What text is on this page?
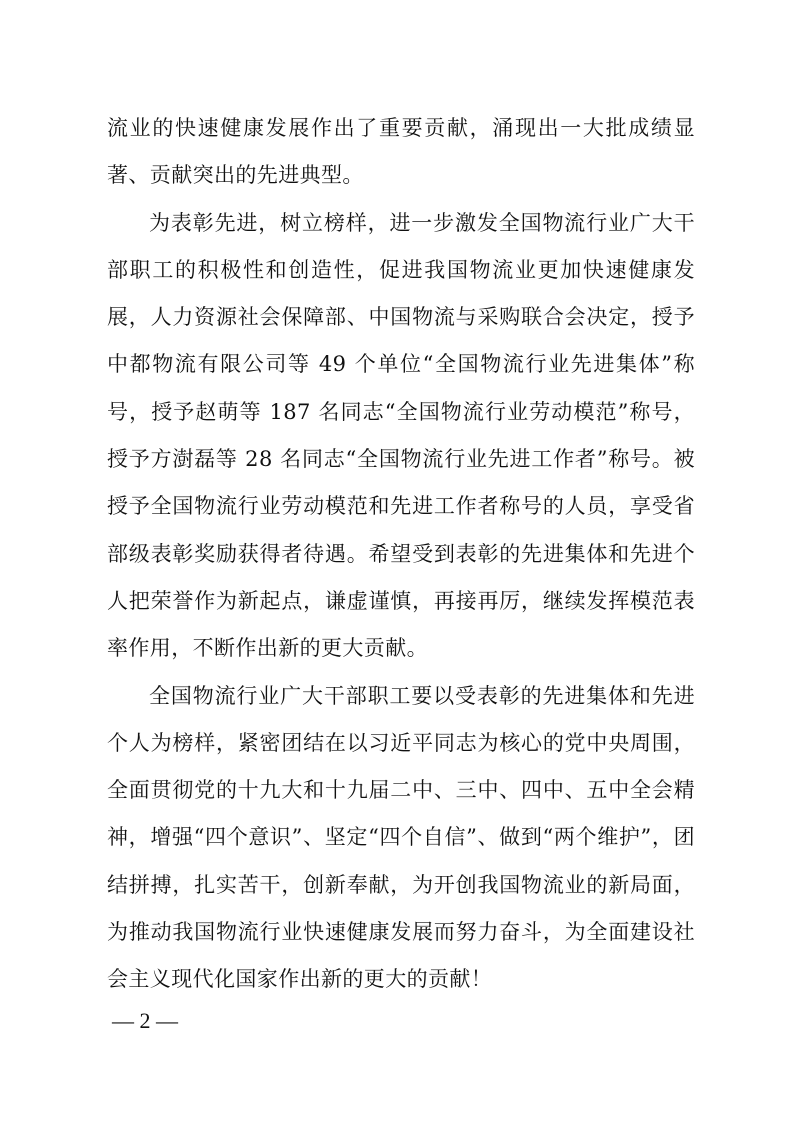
流业的快速健康发展作出了重要贡献，涌现出一大批成绩显著、贡献突出的先进典型。

为表彰先进，树立榜样，进一步激发全国物流行业广大干部职工的积极性和创造性，促进我国物流业更加快速健康发展，人力资源社会保障部、中国物流与采购联合会决定，授予中都物流有限公司等 49 个单位“全国物流行业先进集体”称号，授予赵萌等 187 名同志“全国物流行业劳动模范”称号，授予方澍磊等 28 名同志“全国物流行业先进工作者”称号。被授予全国物流行业劳动模范和先进工作者称号的人员，享受省部级表彰奖励获得者待遇。希望受到表彰的先进集体和先进个人把荣誉作为新起点，谦虚谨慎，再接再厉，继续发挥模范表率作用，不断作出新的更大贡献。

全国物流行业广大干部职工要以受表彰的先进集体和先进个人为榜样，紧密团结在以习近平同志为核心的党中央周围，全面贯彻党的十九大和十九届二中、三中、四中、五中全会精神，增强“四个意识”、坚定“四个自信”、做到“两个维护”，团结拼搏，扎实苦干，创新奉献，为开创我国物流业的新局面，为推动我国物流行业快速健康发展而努力奋斗，为全面建设社会主义现代化国家作出新的更大的贡献！

— 2 —
